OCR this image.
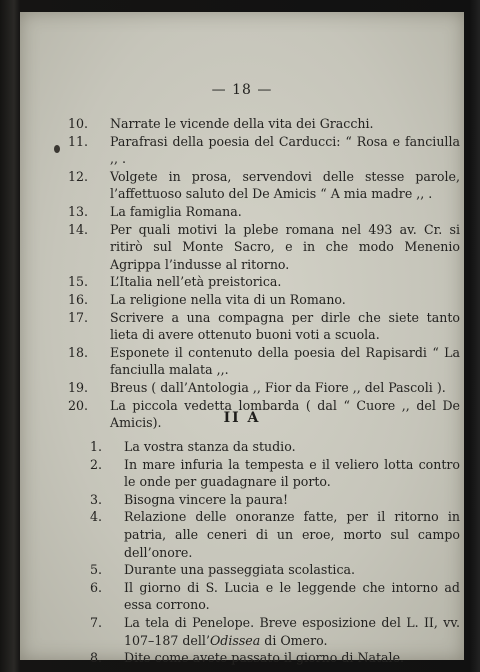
— 18 —
10. Narrate le vicende della vita dei Gracchi.
11. Parafrasi della poesia del Carducci: “ Rosa e fanciulla ,, .
12. Volgete in prosa, servendovi delle stesse parole, l’affettuoso saluto del De Amicis “ A mia madre ,, .
13. La famiglia Romana.
14. Per quali motivi la plebe romana nel 493 av. Cr. si ritirò sul Monte Sacro, e in che modo Menenio Agrippa l’indusse al ritorno.
15. L’Italia nell’età preistorica.
16. La religione nella vita di un Romano.
17. Scrivere a una compagna per dirle che siete tanto lieta di avere ottenuto buoni voti a scuola.
18. Esponete il contenuto della poesia del Rapisardi “ La fanciulla malata ,,.
19. Breus ( dall’Antologia ,, Fior da Fiore ,, del Pascoli ).
20. La piccola vedetta lombarda ( dal “ Cuore ,, del De Amicis).	II A
1. La vostra stanza da studio.
2. In mare infuria la tempesta e il veliero lotta contro le onde per guadagnare il porto.
3. Bisogna vincere la paura!
4. Relazione delle onoranze fatte, per il ritorno in patria, alle ceneri di un eroe, morto sul campo dell’onore.
5. Durante una passeggiata scolastica.
6. Il giorno di S. Lucia e le leggende che intorno ad essa corrono.
7. La tela di Penelope. Breve esposizione del L. II, vv. 107–187 dell’Odissea di Omero.
8. Dite come avete passato il giorno di Natale.
